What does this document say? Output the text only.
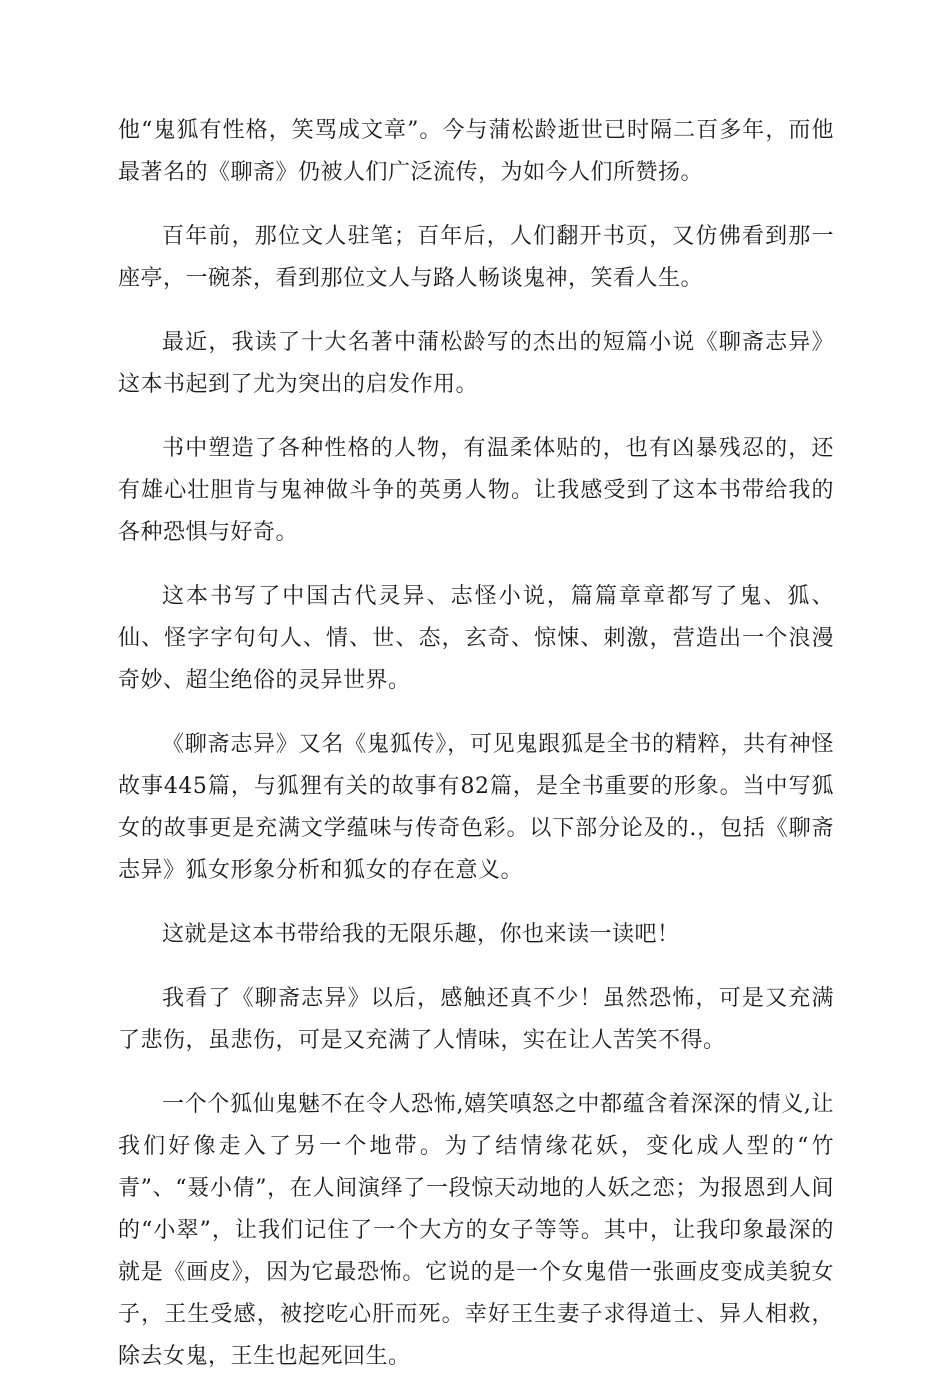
他“鬼狐有性格，笑骂成文章”。今与蒲松龄逝世已时隔二百多年，而他最著名的《聊斋》仍被人们广泛流传，为如今人们所赞扬。

百年前，那位文人驻笔；百年后，人们翻开书页，又仿佛看到那一座亭，一碗茶，看到那位文人与路人畅谈鬼神，笑看人生。

最近，我读了十大名著中蒲松龄写的杰出的短篇小说《聊斋志异》这本书起到了尤为突出的启发作用。

书中塑造了各种性格的人物，有温柔体贴的，也有凶暴残忍的，还有雄心壮胆肯与鬼神做斗争的英勇人物。让我感受到了这本书带给我的各种恐惧与好奇。

这本书写了中国古代灵异、志怪小说，篇篇章章都写了鬼、狐、仙、怪字字句句人、情、世、态，玄奇、惊悚、刺激，营造出一个浪漫奇妙、超尘绝俗的灵异世界。

《聊斋志异》又名《鬼狐传》，可见鬼跟狐是全书的精粹，共有神怪故事445篇，与狐狸有关的故事有82篇，是全书重要的形象。当中写狐女的故事更是充满文学蕴味与传奇色彩。以下部分论及的.，包括《聊斋志异》狐女形象分析和狐女的存在意义。

这就是这本书带给我的无限乐趣，你也来读一读吧！

我看了《聊斋志异》以后，感触还真不少！虽然恐怖，可是又充满了悲伤，虽悲伤，可是又充满了人情味，实在让人苦笑不得。

一个个狐仙鬼魅不在令人恐怖,嬉笑嗔怒之中都蕴含着深深的情义,让我们好像走入了另一个地带。为了结情缘花妖，变化成人型的“竹青”、“聂小倩”，在人间演绎了一段惊天动地的人妖之恋；为报恩到人间的“小翠”，让我们记住了一个大方的女子等等。其中，让我印象最深的就是《画皮》，因为它最恐怖。它说的是一个女鬼借一张画皮变成美貌女子，王生受感，被挖吃心肝而死。幸好王生妻子求得道士、异人相救，除去女鬼，王生也起死回生。
